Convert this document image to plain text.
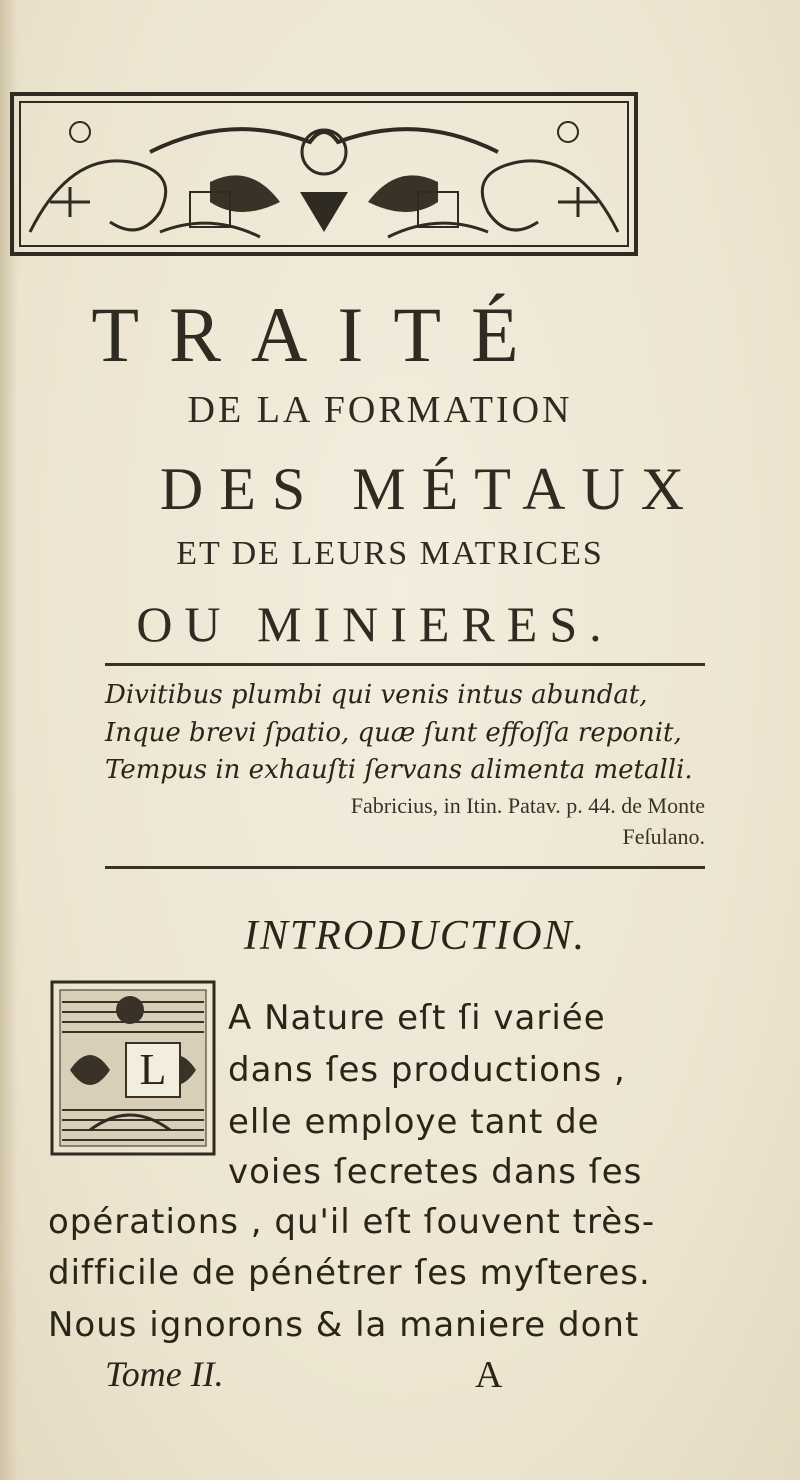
TRAITÉ
DE LA FORMATION
DES MÉTAUX
ET DE LEURS MATRICES
OU MINIERES.
Divitibus plumbi qui venis intus abundat,
Inque brevi ſpatio, quæ ſunt effoſſa reponit,
Tempus in exhauſti ſervans alimenta metalli.
Fabricius, in Itin. Patav. p. 44. de Monte
Feſulano.
INTRODUCTION.
L
A Nature eſt ſi variée
dans ſes productions ,
elle employe tant de
voies ſecretes dans ſes
opérations , qu'il eſt ſouvent très-
difficile de pénétrer ſes myſteres.
Nous ignorons & la maniere dont
Tome II.	A
